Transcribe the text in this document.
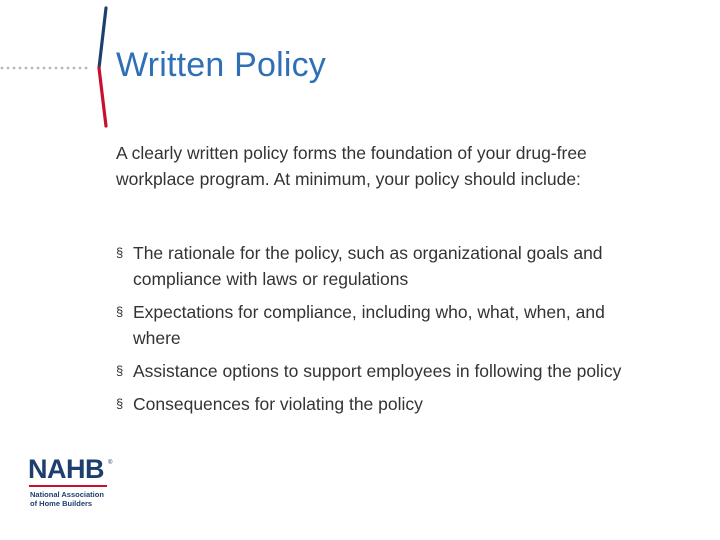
Written Policy

A clearly written policy forms the foundation of your drug-free workplace program. At minimum, your policy should include:

§ The rationale for the policy, such as organizational goals and compliance with laws or regulations
§ Expectations for compliance, including who, what, when, and where
§ Assistance options to support employees in following the policy
§ Consequences for violating the policy
NAHB ®
National Association
of Home Builders
